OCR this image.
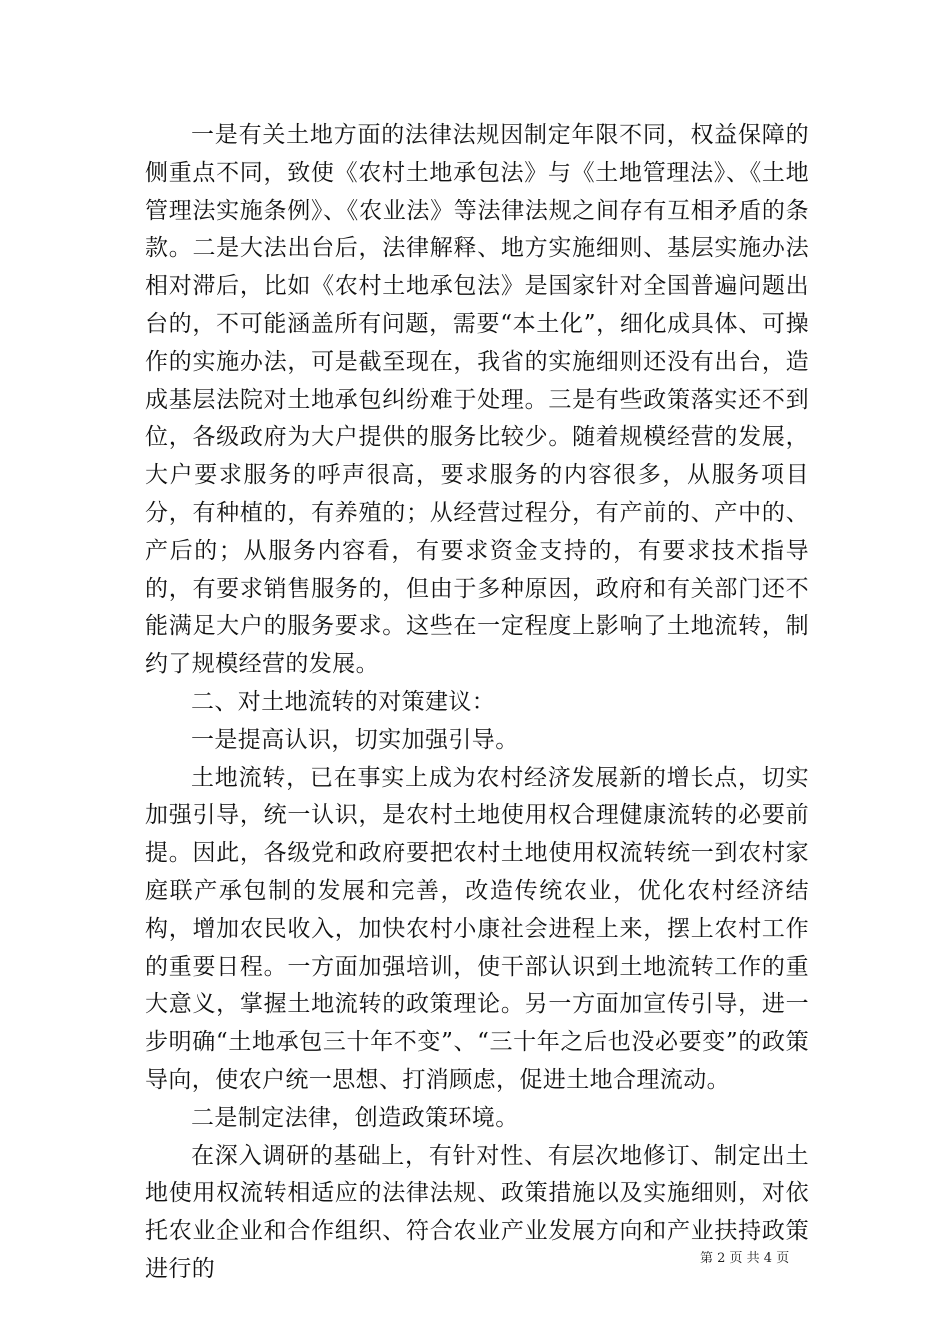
一是有关土地方面的法律法规因制定年限不同，权益保障的侧重点不同，致使《农村土地承包法》与《土地管理法》、《土地管理法实施条例》、《农业法》等法律法规之间存有互相矛盾的条款。二是大法出台后，法律解释、地方实施细则、基层实施办法相对滞后，比如《农村土地承包法》是国家针对全国普遍问题出台的，不可能涵盖所有问题，需要“本土化”，细化成具体、可操作的实施办法，可是截至现在，我省的实施细则还没有出台，造成基层法院对土地承包纠纷难于处理。三是有些政策落实还不到位，各级政府为大户提供的服务比较少。随着规模经营的发展，大户要求服务的呼声很高，要求服务的内容很多，从服务项目分，有种植的，有养殖的；从经营过程分，有产前的、产中的、产后的；从服务内容看，有要求资金支持的，有要求技术指导的，有要求销售服务的，但由于多种原因，政府和有关部门还不能满足大户的服务要求。这些在一定程度上影响了土地流转，制约了规模经营的发展。

二、对土地流转的对策建议：

一是提高认识，切实加强引导。

土地流转，已在事实上成为农村经济发展新的增长点，切实加强引导，统一认识，是农村土地使用权合理健康流转的必要前提。因此，各级党和政府要把农村土地使用权流转统一到农村家庭联产承包制的发展和完善，改造传统农业，优化农村经济结构，增加农民收入，加快农村小康社会进程上来，摆上农村工作的重要日程。一方面加强培训，使干部认识到土地流转工作的重大意义，掌握土地流转的政策理论。另一方面加宣传引导，进一步明确“土地承包三十年不变”、“三十年之后也没必要变”的政策导向，使农户统一思想、打消顾虑，促进土地合理流动。

二是制定法律，创造政策环境。

在深入调研的基础上，有针对性、有层次地修订、制定出土地使用权流转相适应的法律法规、政策措施以及实施细则，对依托农业企业和合作组织、符合农业产业发展方向和产业扶持政策进行的	第 2 页 共 4 页
